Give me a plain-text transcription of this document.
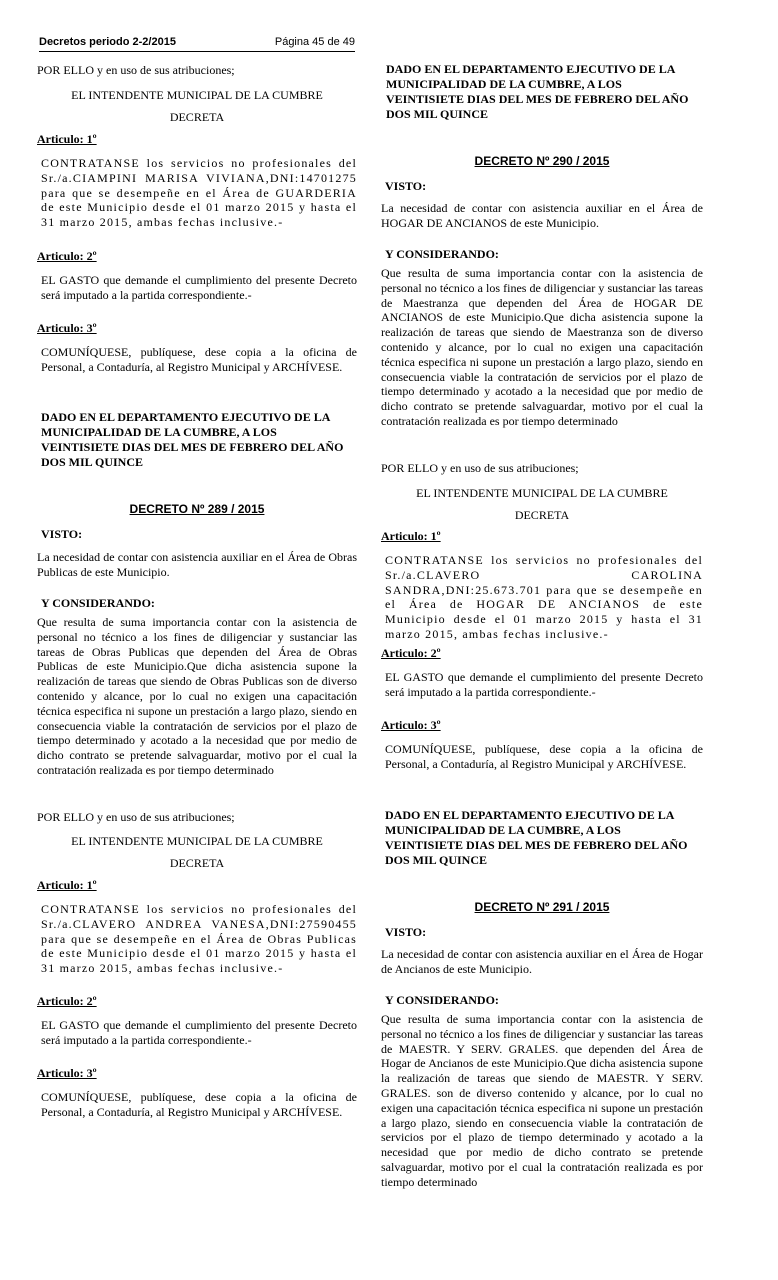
Decretos periodo 2-2/2015	Página 45 de 49
POR ELLO y en uso de sus atribuciones;
EL INTENDENTE MUNICIPAL DE LA CUMBRE
DECRETA
Articulo: 1º
CONTRATANSE los servicios no profesionales del Sr./a.CIAMPINI MARISA VIVIANA,DNI:14701275 para que se desempeñe en el Área de GUARDERIA de este Municipio desde el 01 marzo 2015 y hasta el 31 marzo 2015, ambas fechas inclusive.-
Articulo: 2º
EL GASTO que demande el cumplimiento del presente Decreto será imputado a la partida correspondiente.-
Articulo: 3º
COMUNÍQUESE, publíquese, dese copia a la oficina de Personal, a Contaduría, al Registro Municipal y ARCHÍVESE.
DADO EN EL DEPARTAMENTO EJECUTIVO DE LA MUNICIPALIDAD DE LA CUMBRE, A LOS VEINTISIETE DIAS DEL MES DE FEBRERO DEL AÑO DOS MIL QUINCE
DECRETO Nº 289 / 2015
VISTO:
La necesidad de contar con asistencia auxiliar en el Área de Obras Publicas de este Municipio.
Y CONSIDERANDO:
Que resulta de suma importancia contar con la asistencia de personal no técnico a los fines de diligenciar y sustanciar las tareas de Obras Publicas que dependen del Área de Obras Publicas de este Municipio.Que dicha asistencia supone la realización de tareas que siendo de Obras Publicas son de diverso contenido y alcance, por lo cual no exigen una capacitación técnica especifica ni supone un prestación a largo plazo, siendo en consecuencia viable la contratación de servicios por el plazo de tiempo determinado y acotado a la necesidad que por medio de dicho contrato se pretende salvaguardar, motivo por el cual la contratación realizada es por tiempo determinado
POR ELLO y en uso de sus atribuciones;
EL INTENDENTE MUNICIPAL DE LA CUMBRE
DECRETA
Articulo: 1º
CONTRATANSE los servicios no profesionales del Sr./a.CLAVERO ANDREA VANESA,DNI:27590455 para que se desempeñe en el Área de Obras Publicas de este Municipio desde el 01 marzo 2015 y hasta el 31 marzo 2015, ambas fechas inclusive.-
Articulo: 2º
EL GASTO que demande el cumplimiento del presente Decreto será imputado a la partida correspondiente.-
Articulo: 3º
COMUNÍQUESE, publíquese, dese copia a la oficina de Personal, a Contaduría, al Registro Municipal y ARCHÍVESE.
DADO EN EL DEPARTAMENTO EJECUTIVO DE LA MUNICIPALIDAD DE LA CUMBRE, A LOS VEINTISIETE DIAS DEL MES DE FEBRERO DEL AÑO DOS MIL QUINCE
DECRETO Nº 290 / 2015
VISTO:
La necesidad de contar con asistencia auxiliar en el Área de HOGAR DE ANCIANOS de este Municipio.
Y CONSIDERANDO:
Que resulta de suma importancia contar con la asistencia de personal no técnico a los fines de diligenciar y sustanciar las tareas de Maestranza que dependen del Área de HOGAR DE ANCIANOS de este Municipio.Que dicha asistencia supone la realización de tareas que siendo de Maestranza son de diverso contenido y alcance, por lo cual no exigen una capacitación técnica especifica ni supone un prestación a largo plazo, siendo en consecuencia viable la contratación de servicios por el plazo de tiempo determinado y acotado a la necesidad que por medio de dicho contrato se pretende salvaguardar, motivo por el cual la contratación realizada es por tiempo determinado
POR ELLO y en uso de sus atribuciones;
EL INTENDENTE MUNICIPAL DE LA CUMBRE
DECRETA
Articulo: 1º
CONTRATANSE los servicios no profesionales del Sr./a.CLAVERO CAROLINA SANDRA,DNI:25.673.701 para que se desempeñe en el Área de HOGAR DE ANCIANOS de este Municipio desde el 01 marzo 2015 y hasta el 31 marzo 2015, ambas fechas inclusive.-
Articulo: 2º
EL GASTO que demande el cumplimiento del presente Decreto será imputado a la partida correspondiente.-
Articulo: 3º
COMUNÍQUESE, publíquese, dese copia a la oficina de Personal, a Contaduría, al Registro Municipal y ARCHÍVESE.
DADO EN EL DEPARTAMENTO EJECUTIVO DE LA MUNICIPALIDAD DE LA CUMBRE, A LOS VEINTISIETE DIAS DEL MES DE FEBRERO DEL AÑO DOS MIL QUINCE
DECRETO Nº 291 / 2015
VISTO:
La necesidad de contar con asistencia auxiliar en el Área de Hogar de Ancianos de este Municipio.
Y CONSIDERANDO:
Que resulta de suma importancia contar con la asistencia de personal no técnico a los fines de diligenciar y sustanciar las tareas de MAESTR. Y SERV. GRALES. que dependen del Área de Hogar de Ancianos de este Municipio.Que dicha asistencia supone la realización de tareas que siendo de MAESTR. Y SERV. GRALES. son de diverso contenido y alcance, por lo cual no exigen una capacitación técnica especifica ni supone un prestación a largo plazo, siendo en consecuencia viable la contratación de servicios por el plazo de tiempo determinado y acotado a la necesidad que por medio de dicho contrato se pretende salvaguardar, motivo por el cual la contratación realizada es por tiempo determinado
